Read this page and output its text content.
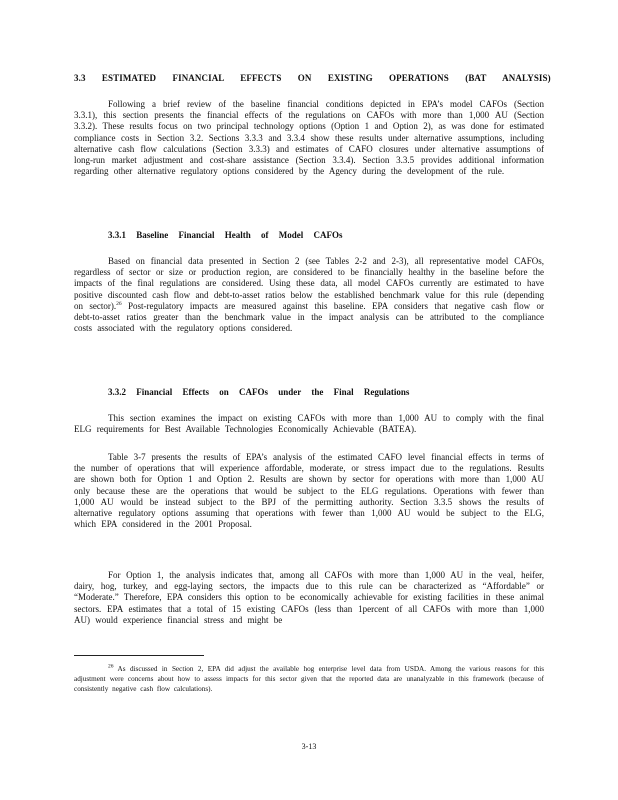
3.3 ESTIMATED FINANCIAL EFFECTS ON EXISTING OPERATIONS (BAT ANALYSIS)

Following a brief review of the baseline financial conditions depicted in EPA’s model CAFOs (Section 3.3.1), this section presents the financial effects of the regulations on CAFOs with more than 1,000 AU (Section 3.3.2). These results focus on two principal technology options (Option 1 and Option 2), as was done for estimated compliance costs in Section 3.2. Sections 3.3.3 and 3.3.4 show these results under alternative assumptions, including alternative cash flow calculations (Section 3.3.3) and estimates of CAFO closures under alternative assumptions of long-run market adjustment and cost-share assistance (Section 3.3.4). Section 3.3.5 provides additional information regarding other alternative regulatory options considered by the Agency during the development of the rule.

3.3.1 Baseline Financial Health of Model CAFOs

Based on financial data presented in Section 2 (see Tables 2-2 and 2-3), all representative model CAFOs, regardless of sector or size or production region, are considered to be financially healthy in the baseline before the impacts of the final regulations are considered. Using these data, all model CAFOs currently are estimated to have positive discounted cash flow and debt-to-asset ratios below the established benchmark value for this rule (depending on sector).$^{26}$ Post-regulatory impacts are measured against this baseline. EPA considers that negative cash flow or debt-to-asset ratios greater than the benchmark value in the impact analysis can be attributed to the compliance costs associated with the regulatory options considered.

3.3.2 Financial Effects on CAFOs under the Final Regulations

This section examines the impact on existing CAFOs with more than 1,000 AU to comply with the final ELG requirements for Best Available Technologies Economically Achievable (BATEA).

Table 3-7 presents the results of EPA’s analysis of the estimated CAFO level financial effects in terms of the number of operations that will experience affordable, moderate, or stress impact due to the regulations. Results are shown both for Option 1 and Option 2. Results are shown by sector for operations with more than 1,000 AU only because these are the operations that would be subject to the ELG regulations. Operations with fewer than 1,000 AU would be instead subject to the BPJ of the permitting authority. Section 3.3.5 shows the results of alternative regulatory options assuming that operations with fewer than 1,000 AU would be subject to the ELG, which EPA considered in the 2001 Proposal.

For Option 1, the analysis indicates that, among all CAFOs with more than 1,000 AU in the veal, heifer, dairy, hog, turkey, and egg-laying sectors, the impacts due to this rule can be characterized as “Affordable” or “Moderate.” Therefore, EPA considers this option to be economically achievable for existing facilities in these animal sectors. EPA estimates that a total of 15 existing CAFOs (less than 1percent of all CAFOs with more than 1,000 AU) would experience financial stress and might be

$^{26}$ As discussed in Section 2, EPA did adjust the available hog enterprise level data from USDA. Among the various reasons for this adjustment were concerns about how to assess impacts for this sector given that the reported data are unanalyzable in this framework (because of consistently negative cash flow calculations).

3-13
